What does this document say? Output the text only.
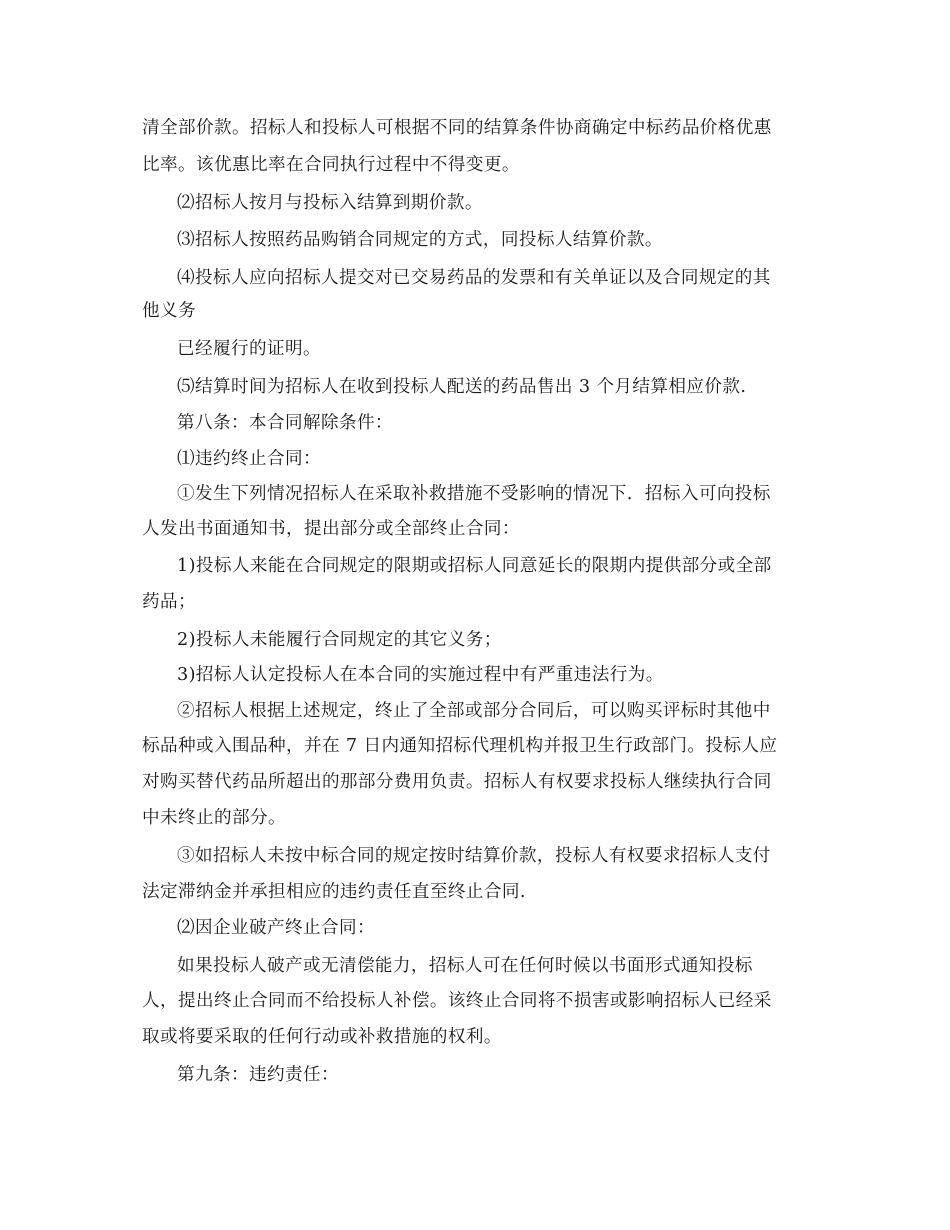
清全部价款。招标人和投标人可根据不同的结算条件协商确定中标药品价格优惠
比率。该优惠比率在合同执行过程中不得变更。
⑵招标人按月与投标入结算到期价款。
⑶招标人按照药品购销合同规定的方式，同投标人结算价款。
⑷投标人应向招标人提交对已交易药品的发票和有关单证以及合同规定的其
他义务
已经履行的证明。
⑸结算时间为招标人在收到投标人配送的药品售出 3 个月结算相应价款.
第八条：本合同解除条件：
⑴违约终止合同：
①发生下列情况招标人在采取补救措施不受影响的情况下．招标入可向投标
人发出书面通知书，提出部分或全部终止合同：
1)投标人来能在合同规定的限期或招标人同意延长的限期内提供部分或全部
药品；
2)投标人未能履行合同规定的其它义务；
3)招标人认定投标人在本合同的实施过程中有严重违法行为。
②招标人根据上述规定，终止了全部或部分合同后，可以购买评标时其他中
标品种或入围品种，并在 7 日内通知招标代理机构并报卫生行政部门。投标人应
对购买替代药品所超出的那部分费用负责。招标人有权要求投标人继续执行合同
中未终止的部分。
③如招标人未按中标合同的规定按时结算价款，投标人有权要求招标人支付
法定滞纳金并承担相应的违约责任直至终止合同.
⑵因企业破产终止合同：
如果投标人破产或无清偿能力，招标人可在任何时候以书面形式通知投标
人，提出终止合同而不给投标人补偿。该终止合同将不损害或影响招标人已经采
取或将要采取的任何行动或补救措施的权利。
第九条：违约责任：
